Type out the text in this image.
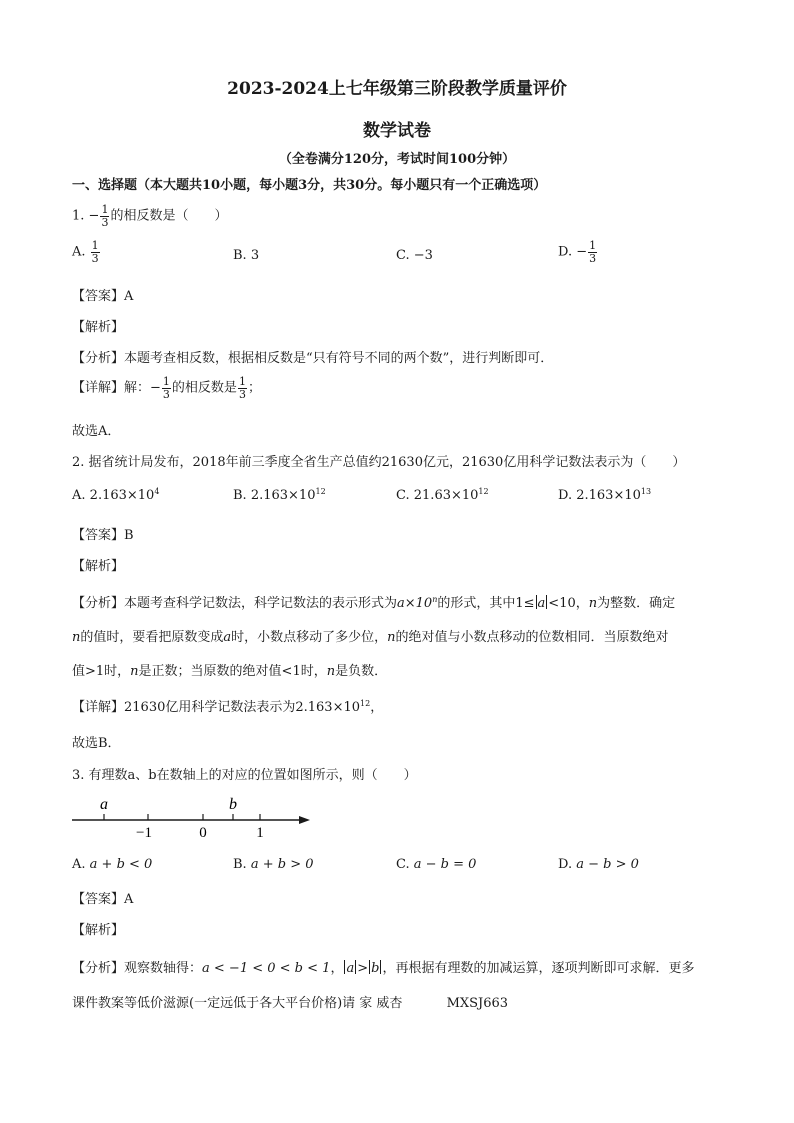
2023-2024上七年级第三阶段教学质量评价
数学试卷
（全卷满分120分，考试时间100分钟）
一、选择题（本大题共10小题，每小题3分，共30分。每小题只有一个正确选项）
1. − $\frac{1}{3}$ 的相反数是（　　）
A. $\frac{1}{3}$	B. 3	C. −3	D. − $\frac{1}{3}$
【答案】A
【解析】
【分析】本题考查相反数，根据相反数是“只有符号不同的两个数”，进行判断即可．
【详解】解：− $\frac{1}{3}$ 的相反数是 $\frac{1}{3}$ ；
故选A．
2. 据省统计局发布，2018年前三季度全省生产总值约21630亿元，21630亿用科学记数法表示为（　　）
A. $2.163\times 10^4$	B. $2.163\times 10^{12}$	C. $21.63\times 10^{12}$	D. $2.163\times 10^{13}$
【答案】B
【解析】
【分析】本题考查科学记数法，科学记数法的表示形式为$a\times 10^n$的形式，其中1≤ a <10，n为整数．确定
n的值时，要看把原数变成a时，小数点移动了多少位，n的绝对值与小数点移动的位数相同．当原数绝对
值>1时，n是正数；当原数的绝对值<1时，n是负数．
【详解】21630亿用科学记数法表示为$2.163\times 10^{12}$，
故选B．
3. 有理数a、b在数轴上的对应的位置如图所示，则（　　）
a	b
−1	0	1
A. a + b < 0	B. a + b > 0	C. a − b = 0	D. a − b > 0
【答案】A
【解析】
【分析】观察数轴得：a < −1 < 0 < b < 1， a > b ，再根据有理数的加减运算，逐项判断即可求解．更多
课件教案等低价滋源(一定远低于各大平台价格)请 家 威杏	MXSJ663
